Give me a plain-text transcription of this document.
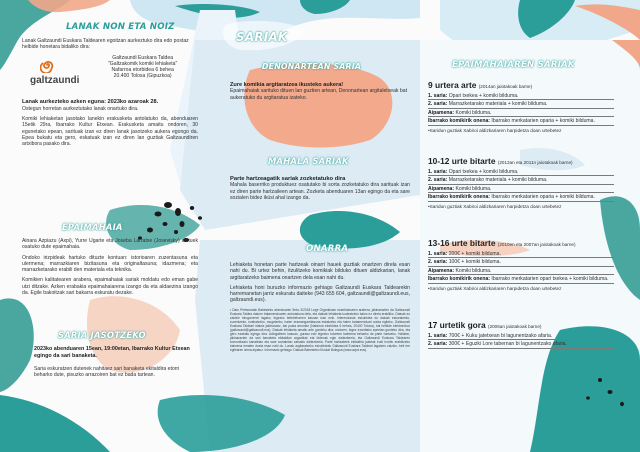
LANAK NON ETA NOIZ
Lanak Galtzaundi Euskara Taldearen egoitzan aurkeztuko dira edo postaz helbide honetara bidaliko dira:
galtzaundi
Galtzaundi Euskara Taldea
"Galtzakomik komiki lehiaketa"
Nafarroa etorbidea 6 behea
20.400 Tolosa (Gipuzkoa)
Lanak aurkezteko azken eguna: 2023ko azaroak 28.
Ostegun horretan aurkeztutako lanak onartuko dira.
Komiki lehiaketan jasotako lanekin erakusketa antolatuko da, abenduaren 15etik 29ra, Ibarrako Kultur Etxean. Erakusketa amaitu ondoren, 30 egunetako epean, sarituak izan ez diren lanak jasotzeko aukera egongo da. Epea bukatu eta gero, eskatuak izan ez diren lan guztiak Galtzaundiren artxibora pasako dira.
EPAIMAHAIA
Ainara Azpiazu (Axpi), Yurre Ugarte eta Joseba Larratxe (Josevisky) adituek osatuko dute epaimahaia.
Ondoko irizpideak hartuko dituzte kontuan: istorioaren zuzentasuna eta ulermena; marrazkiaren bizitasuna eta originaltasuna; idazmena; eta marrazketarako erabili den materiala eta teknika.
Komikien kalitatearen arabera, epaimahaiak sariak moldatu edo eman gabe utzi ditzake. Azken erabakia epaimahaiarena izango da eta aldaezina izango da. Egile bakoitzak sari bakarra eskuratu dezake.
SARIA JASOTZEKO
2023ko abenduaren 15ean, 19:00etan, Ibarrako Kultur Etxean egingo da sari banaketa.
Saria eskuratzen dutenek nahitaez sari banaketa ekitaldira etorri beharko dute, pisuzko arrazoiren bat ez bada tartean.
SARIAK
DENONARTEAN SARIA
Zure komikia argitaratzea ikusteko aukera!
Epaimahaiak sarituko dituen lan guztien artean, Denonartean argitaletxeak bat aukeratuko du argitaratua izateko.
MAHALA SARIAK
Parte hartzeagatik sariak zozketatuko dira
Mahala baserriko produktuez osatutako bi sorta zozketatuko dira sarituak izan ez diren parte hartzaileen artean. Zozketa abenduaren 13an egingo da eta sare sozialen bidez iküsi ahal izango da.
ONARRA
Lehiaketa honetan parte hartzeak oinarri hauek guztiak onartzen direla esan nahi du. Bi urtez behin, itzulitzeko komikiak bilduko dituen aldizkarian, lanak argitaratzeko baimena onartzen dela esan nahi du.
Lehiaketa honi buruzko informazio gehiago Galtzaundi Euskara Taldearekin harremanetan jarriz eskuratu daiteke (943 655 604, galtzaundi@galtzaundi.eus, galtzaundi.eus).
• Datu Pertsonalak Babesteko abenduaren 5eko 3/2018 Lege Organikoan ezarritakoaren arabera, jakinarazten da Galtzaundi Euskara Taldea datuen tratamenduaren arduraduna dela, eta datuak lehiaketa kudeatzeko baino ez direla erabiliko. Datuak ez zaizkie hirugarrenei lagako, legezko betebeharren kasuan izan ezik. Interesdunak eskubidea du datuak eskuratzeko, zuzentzeko, ezabatzeko, mugatzeko, haien eramangarritasuna eskatzeko eta haien tratamenduari aurka egiteko, Galtzaundi Euskara Taldeari idatziz jakinaraziz, bai posta arruntez (Nafarroa etorbidea 6 behea, 20400 Tolosa), bai helbide elektronikoz (galtzaundi@galtzaundi.eus). Datuak lehiaketa amaitu arte gordeko dira; ondoren, legez ezarritako epeetan gordeko dira, eta gero ezabatu egingo dira. Adingabeen kasuan, guraso edo legezko tutoreen baimena beharko da parte hartzeko. Halaber, jakinarazten da sari banaketa ekitaldian argazkiak eta bideoak egin daitezkeela, eta Galtzaundi Euskara Taldearen komunikazio kanaletan eta sare sozialetan zabaldu daitezkeela. Parte hartzaileek ekitaldira joateak irudi horiek erabiltzeko baimena ematen duela esan nahi du. Lanak argitaratzeko eskubideak Galtzaundi Euskara Taldeari lagatzen zaizkio, beti ere egilearen izena aipatuz. Informazio gehiago: Datuak Babesteko Euskal Bulegoa (www.avpd.eus).
EPAIMAHAIAREN SARIAK
9 urtera arte (2014an jaiotakoak barne)
1. saria: Opari txekea + komiki bilduma.
2. saria: Marrazketarako materiala + komiki bilduma.
Aipamena: Komiki bilduma.
Ibarrako komikirik onena: Ibarrako merkatarien oparia + komiki bilduma.
•Saridun guztiak Xabiroi aldizkariaren harpidetza doan urtebetez
10-12 urte bitarte (2013an eta 2011n jaiotakoak barne)
1. saria: Opari txekea + komiki bilduma.
2. saria: Marrazketarako materiala + komiki bilduma.
Aipamena: Komiki bilduma.
Ibarrako komikirik onena: Ibarrako merkatarien oparia + komiki bilduma.
•Saridun guztiak Xabiroi aldizkariaren harpidetza doan urtebetez
13-16 urte bitarte (2010en eta 2007an jaiotakoak barne)
1. saria: 200€ + komiki bilduma.
2. saria: 100€ + komiki bilduma.
Aipamena: Komiki bilduma.
Ibarrako komikirik onena: Ibarrako merkatarien opari txekea + komiki bilduma.
•Saridun guztiak Xabiroi aldizkariaren harpidetza doan urtebetez
17 urtetik gora (2006an jaiotakoak barne)
1. saria: 700€ + Kuku jatetxean bi lagunentzako afaria.
2. saria: 300€ + Eguzki Lore tabernan bi lagunentzako afaria.
